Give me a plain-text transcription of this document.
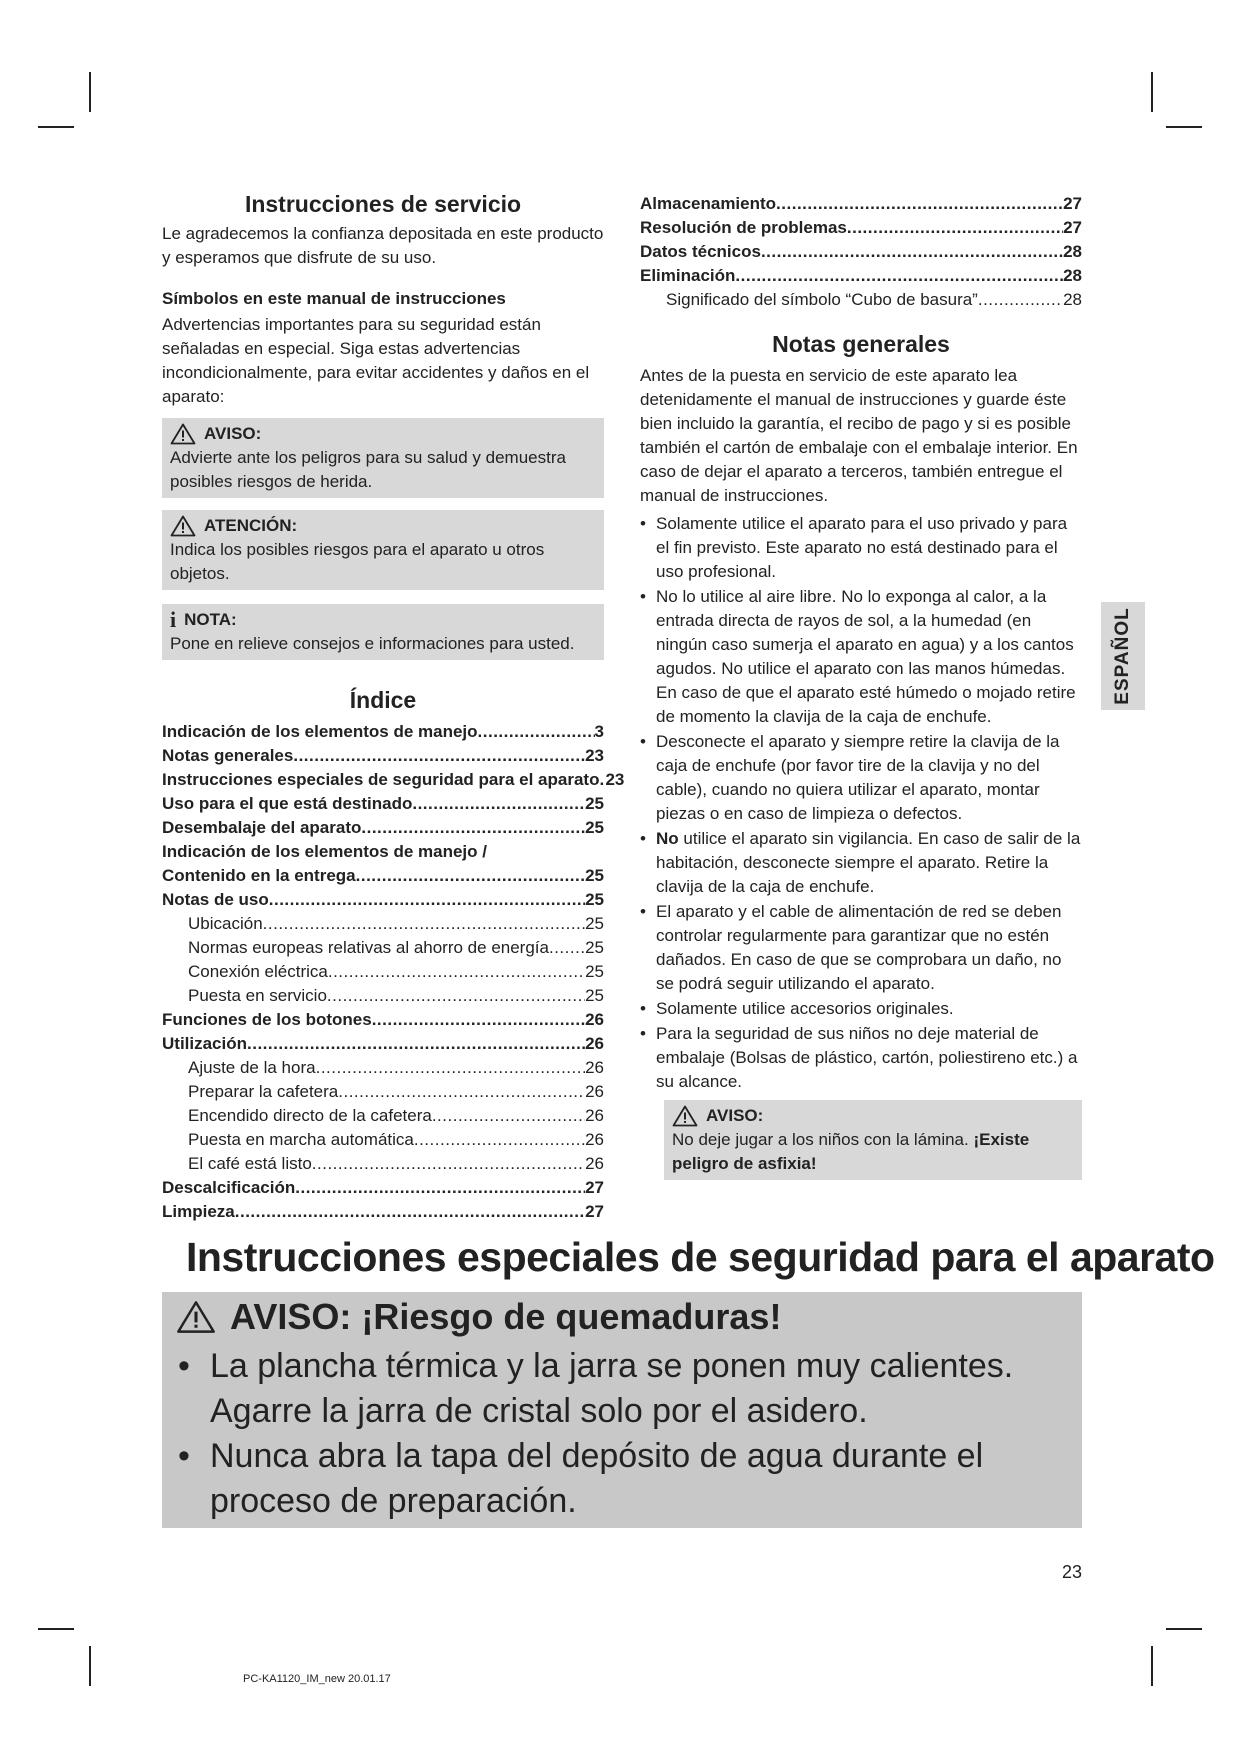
Instrucciones de servicio

Le agradecemos la confianza depositada en este producto y esperamos que disfrute de su uso.

Símbolos en este manual de instrucciones

Advertencias importantes para su seguridad están señaladas en especial. Siga estas advertencias incondicionalmente, para evitar accidentes y daños en el aparato:

AVISO:

Advierte ante los peligros para su salud y demuestra posibles riesgos de herida.

ATENCIÓN:

Indica los posibles riesgos para el aparato u otros objetos.

i NOTA:

Pone en relieve consejos e informaciones para usted.

Índice
Indicación de los elementos de manejo .....	3
Notas generales .....	23
Instrucciones especiales de seguridad para el aparato ..... 23
Uso para el que está destinado .....	25
Desembalaje del aparato .....	25
Indicación de los elementos de manejo /
Contenido en la entrega .....	25
Notas de uso .....	25
Ubicación .....	25
Normas europeas relativas al ahorro de energía ..... 25
Conexión eléctrica .....	25
Puesta en servicio .....	25
Funciones de los botones .....	26
Utilización .....	26
Ajuste de la hora .....	26
Preparar la cafetera .....	26
Encendido directo de la cafetera .....	26
Puesta en marcha automática .....	26
El café está listo .....	26
Descalcificación .....	27
Limpieza .....	27
Almacenamiento .....	27
Resolución de problemas .....	27
Datos técnicos .....	28
Eliminación .....	28
Significado del símbolo “Cubo de basura” .....	28
Notas generales

Antes de la puesta en servicio de este aparato lea detenidamente el manual de instrucciones y guarde éste bien incluido la garantía, el recibo de pago y si es posible también el cartón de embalaje con el embalaje interior. En caso de dejar el aparato a terceros, también entregue el manual de instrucciones.

• Solamente utilice el aparato para el uso privado y para el fin previsto. Este aparato no está destinado para el uso profesional.
• No lo utilice al aire libre. No lo exponga al calor, a la entrada directa de rayos de sol, a la humedad (en ningún caso sumerja el aparato en agua) y a los cantos agudos. No utilice el aparato con las manos húmedas. En caso de que el aparato esté húmedo o mojado retire de momento la clavija de la caja de enchufe.
• Desconecte el aparato y siempre retire la clavija de la caja de enchufe (por favor tire de la clavija y no del cable), cuando no quiera utilizar el aparato, montar piezas o en caso de limpieza o defectos.
• No utilice el aparato sin vigilancia. En caso de salir de la habitación, desconecte siempre el aparato. Retire la clavija de la caja de enchufe.
• El aparato y el cable de alimentación de red se deben controlar regularmente para garantizar que no estén dañados. En caso de que se comprobara un daño, no se podrá seguir utilizando el aparato.
• Solamente utilice accesorios originales.
• Para la seguridad de sus niños no deje material de embalaje (Bolsas de plástico, cartón, poliestireno etc.) a su alcance.
AVISO:

No deje jugar a los niños con la lámina. ¡Existe peligro de asfixia!

ESPAÑOL
Instrucciones especiales de seguridad para el aparato
AVISO: ¡Riesgo de quemaduras!
• La plancha térmica y la jarra se ponen muy calientes. Agarre la jarra de cristal solo por el asidero.
• Nunca abra la tapa del depósito de agua durante el proceso de preparación.
23
PC-KA1120_IM_new 20.01.17
